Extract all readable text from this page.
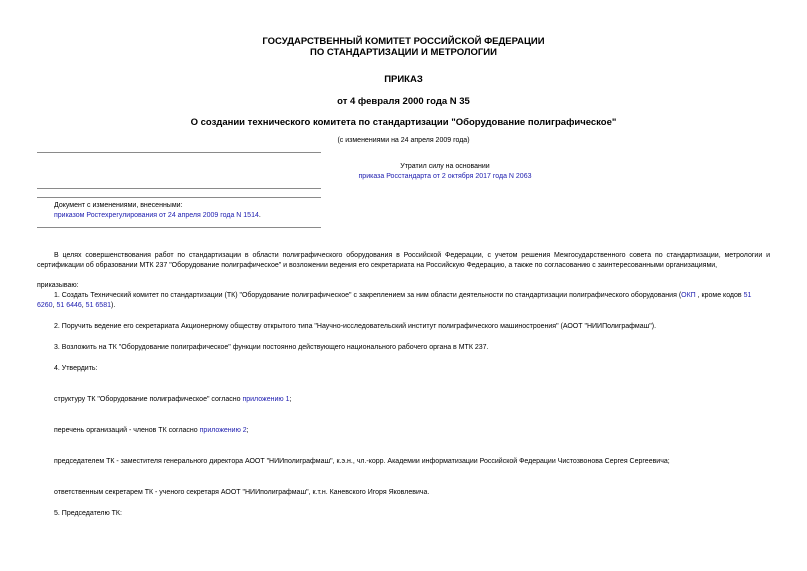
ГОСУДАРСТВЕННЫЙ КОМИТЕТ РОССИЙСКОЙ ФЕДЕРАЦИИ
ПО СТАНДАРТИЗАЦИИ И МЕТРОЛОГИИ
ПРИКАЗ
от 4 февраля 2000 года N 35
О создании технического комитета по стандартизации "Оборудование полиграфическое"
(с изменениями на 24 апреля 2009 года)
Утратил силу на основании
приказа Росстандарта от 2 октября 2017 года N 2063
Документ с изменениями, внесенными:
приказом Ростехрегулирования от 24 апреля 2009 года N 1514.
В целях совершенствования работ по стандартизации в области полиграфического оборудования в Российской Федерации, с учетом решения Межгосударственного совета по стандартизации, метрологии и сертификации об образовании МТК 237 "Оборудование полиграфическое" и возложении ведения его секретариата на Российскую Федерацию, а также по согласованию с заинтересованными организациями,
приказываю:
1. Создать Технический комитет по стандартизации (ТК) "Оборудование полиграфическое" с закреплением за ним области деятельности по стандартизации полиграфического оборудования (ОКП , кроме кодов 51 6260, 51 6446, 51 6581).
2. Поручить ведение его секретариата Акционерному обществу открытого типа "Научно-исследовательский институт полиграфического машиностроения" (АООТ "НИИПолиграфмаш").
3. Возложить на ТК "Оборудование полиграфическое" функции постоянно действующего национального рабочего органа в МТК 237.
4. Утвердить:
структуру ТК "Оборудование полиграфическое" согласно приложению 1;
перечень организаций - членов ТК согласно приложению 2;
председателем ТК - заместителя генерального директора АООТ "НИИполиграфмаш", к.э.н., чл.-корр. Академии информатизации Российской Федерации Чистозвонова Сергея Сергеевича;
ответственным секретарем ТК - ученого секретаря АООТ "НИИполиграфмаш", к.т.н. Каневского Игоря Яковлевича.
5. Председателю ТК:
